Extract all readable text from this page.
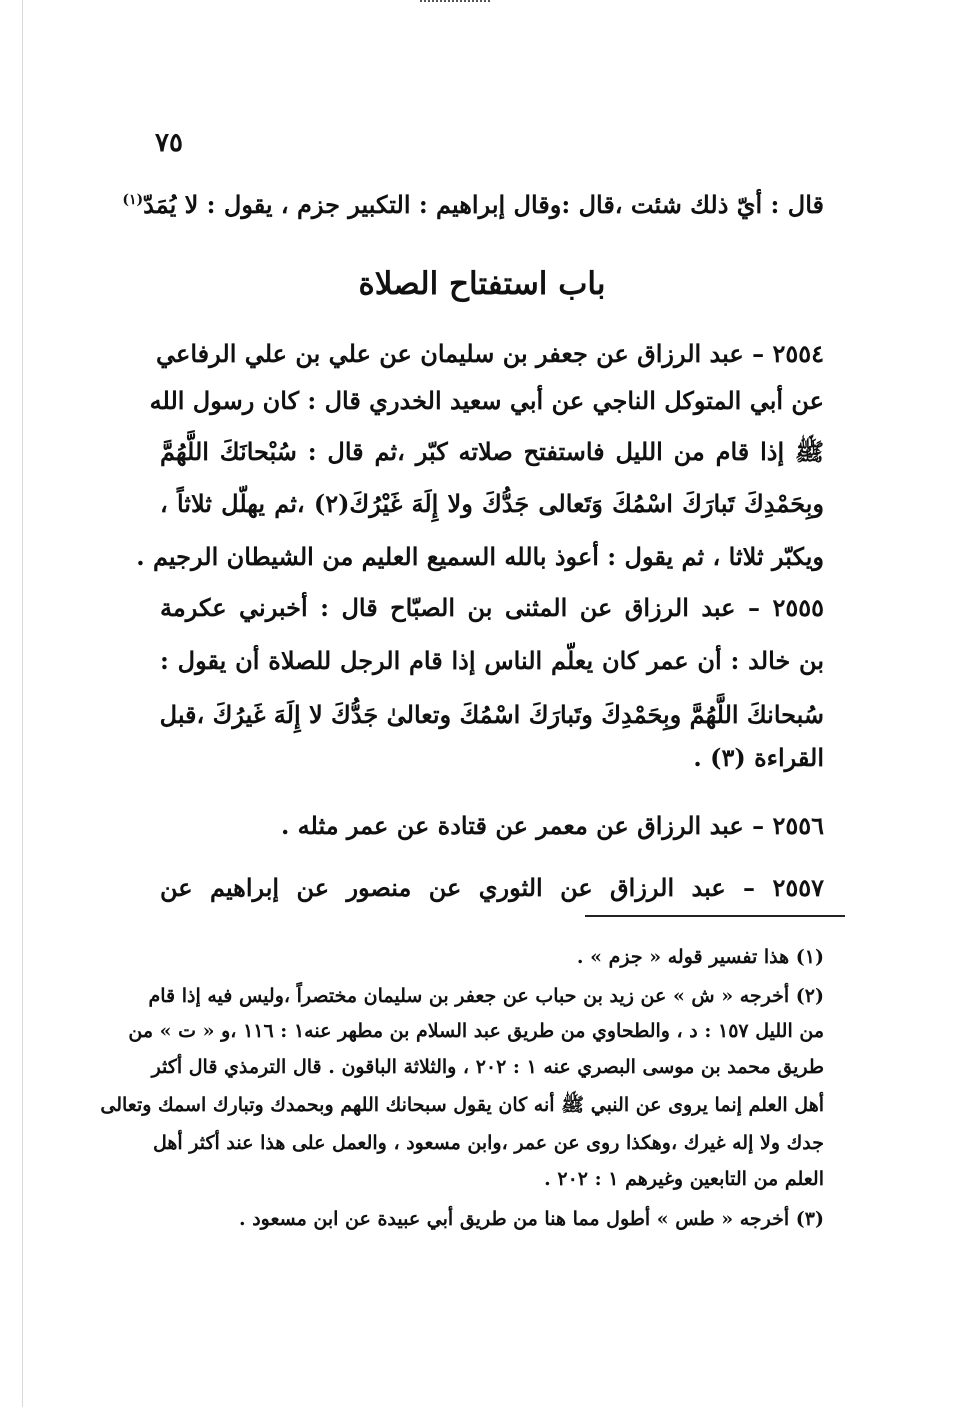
٧٥
قال : أيّ ذلك شئت ،قال :وقال إبراهيم : التكبير جزم ، يقول : لا يُمَدّ$^{(١)}$
باب استفتاح الصلاة
٢٥٥٤ – عبد الرزاق عن جعفر بن سليمان عن علي بن علي الرفاعي
عن أبي المتوكل الناجي عن أبي سعيد الخدري قال : كان رسول الله
ﷺ إذا قام من الليل فاستفتح صلاته كبّر ،ثم قال : سُبْحانَكَ اللَّهُمَّ
وبِحَمْدِكَ تَبارَكَ اسْمُكَ وَتَعالى جَدُّكَ ولا إِلَهَ غَيْرُكَ(٢) ،ثم يهلّل ثلاثاً ،
ويكبّر ثلاثا ، ثم يقول : أعوذ بالله السميع العليم من الشيطان الرجيم .
٢٥٥٥ – عبد الرزاق عن المثنى بن الصبّاح قال : أخبرني عكرمة
بن خالد : أن عمر كان يعلّم الناس إذا قام الرجل للصلاة أن يقول :
سُبحانكَ اللَّهُمَّ وبِحَمْدِكَ وتَبارَكَ اسْمُكَ وتعالىٰ جَدُّكَ لا إِلَهَ غَيرُكَ ،قبل
القراءة (٣) .
٢٥٥٦ – عبد الرزاق عن معمر عن قتادة عن عمر مثله .
٢٥٥٧ – عبد الرزاق عن الثوري عن منصور عن إبراهيم عن
(١) هذا تفسير قوله « جزم » .
(٢) أخرجه « ش » عن زيد بن حباب عن جعفر بن سليمان مختصراً ،وليس فيه إذا قام
من الليل ١٥٧ : د ، والطحاوي من طريق عبد السلام بن مطهر عنه١ : ١١٦ ،و « ت » من
طريق محمد بن موسى البصري عنه ١ : ٢٠٢ ، والثلاثة الباقون . قال الترمذي قال أكثر
أهل العلم إنما يروى عن النبي ﷺ أنه كان يقول سبحانك اللهم وبحمدك وتبارك اسمك وتعالى
جدك ولا إله غيرك ،وهكذا روى عن عمر ،وابن مسعود ، والعمل على هذا عند أكثر أهل
العلم من التابعين وغيرهم ١ : ٢٠٢ .
(٣) أخرجه « طس » أطول مما هنا من طريق أبي عبيدة عن ابن مسعود .
